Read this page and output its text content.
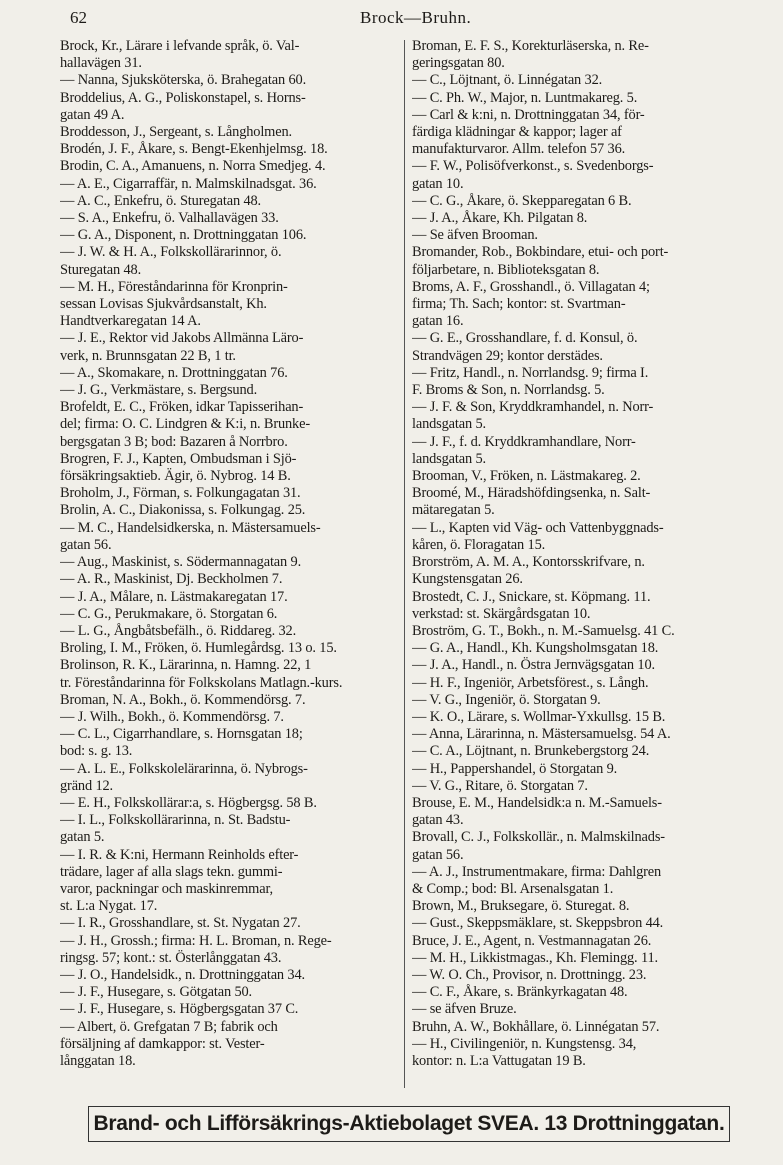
62	Brock—Bruhn.
Brock, Kr., Lärare i lefvande språk, ö. Val-
hallavägen 31.
— Nanna, Sjuksköterska, ö. Brahegatan 60.
Broddelius, A. G., Poliskonstapel, s. Horns-
gatan 49 A.
Broddesson, J., Sergeant, s. Långholmen.
Brodén, J. F., Åkare, s. Bengt-Ekenhjelmsg. 18.
Brodin, C. A., Amanuens, n. Norra Smedjeg. 4.
— A. E., Cigarraffär, n. Malmskilnadsgat. 36.
— A. C., Enkefru, ö. Sturegatan 48.
— S. A., Enkefru, ö. Valhallavägen 33.
— G. A., Disponent, n. Drottninggatan 106.
— J. W. & H. A., Folkskollärarinnor, ö.
Sturegatan 48.
— M. H., Föreståndarinna för Kronprin-
sessan Lovisas Sjukvårdsanstalt, Kh.
Handtverkaregatan 14 A.
— J. E., Rektor vid Jakobs Allmänna Läro-
verk, n. Brunnsgatan 22 B, 1 tr.
— A., Skomakare, n. Drottninggatan 76.
— J. G., Verkmästare, s. Bergsund.
Brofeldt, E. C., Fröken, idkar Tapisserihan-
del; firma: O. C. Lindgren & K:i, n. Brunke-
bergsgatan 3 B; bod: Bazaren å Norrbro.
Brogren, F. J., Kapten, Ombudsman i Sjö-
försäkringsaktieb. Ägir, ö. Nybrog. 14 B.
Broholm, J., Förman, s. Folkungagatan 31.
Brolin, A. C., Diakonissa, s. Folkungag. 25.
— M. C., Handelsidkerska, n. Mästersamuels-
gatan 56.
— Aug., Maskinist, s. Södermannagatan 9.
— A. R., Maskinist, Dj. Beckholmen 7.
— J. A., Målare, n. Lästmakaregatan 17.
— C. G., Perukmakare, ö. Storgatan 6.
— L. G., Ångbåtsbefälh., ö. Riddareg. 32.
Broling, I. M., Fröken, ö. Humlegårdsg. 13 o. 15.
Brolinson, R. K., Lärarinna, n. Hamng. 22, 1
tr. Föreståndarinna för Folkskolans Matlagn.-kurs.
Broman, N. A., Bokh., ö. Kommendörsg. 7.
— J. Wilh., Bokh., ö. Kommendörsg. 7.
— C. L., Cigarrhandlare, s. Hornsgatan 18;
bod: s. g. 13.
— A. L. E., Folkskolelärarinna, ö. Nybrogs-
gränd 12.
— E. H., Folkskollärar:a, s. Högbergsg. 58 B.
— I. L., Folkskollärarinna, n. St. Badstu-
gatan 5.
— I. R. & K:ni, Hermann Reinholds efter-
trädare, lager af alla slags tekn. gummi-
varor, packningar och maskinremmar,
st. L:a Nygat. 17.
— I. R., Grosshandlare, st. St. Nygatan 27.
— J. H., Grossh.; firma: H. L. Broman, n. Rege-
ringsg. 57; kont.: st. Österlånggatan 43.
— J. O., Handelsidk., n. Drottninggatan 34.
— J. F., Husegare, s. Götgatan 50.
— J. F., Husegare, s. Högbergsgatan 37 C.
— Albert, ö. Grefgatan 7 B; fabrik och
försäljning af damkappor: st. Vester-
långgatan 18.
Broman, E. F. S., Korekturläserska, n. Re-
geringsgatan 80.
— C., Löjtnant, ö. Linnégatan 32.
— C. Ph. W., Major, n. Luntmakareg. 5.
— Carl & k:ni, n. Drottninggatan 34, för-
färdiga klädningar & kappor; lager af
manufakturvaror. Allm. telefon 57 36.
— F. W., Polisöfverkonst., s. Svedenborgs-
gatan 10.
— C. G., Åkare, ö. Skepparegatan 6 B.
— J. A., Åkare, Kh. Pilgatan 8.
— Se äfven Brooman.
Bromander, Rob., Bokbindare, etui- och port-
följarbetare, n. Biblioteksgatan 8.
Broms, A. F., Grosshandl., ö. Villagatan 4;
firma; Th. Sach; kontor: st. Svartman-
gatan 16.
— G. E., Grosshandlare, f. d. Konsul, ö.
Strandvägen 29; kontor derstädes.
— Fritz, Handl., n. Norrlandsg. 9; firma I.
F. Broms & Son, n. Norrlandsg. 5.
— J. F. & Son, Kryddkramhandel, n. Norr-
landsgatan 5.
— J. F., f. d. Kryddkramhandlare, Norr-
landsgatan 5.
Brooman, V., Fröken, n. Lästmakareg. 2.
Broomé, M., Häradshöfdingsenka, n. Salt-
mätaregatan 5.
— L., Kapten vid Väg- och Vattenbyggnads-
kåren, ö. Floragatan 15.
Brorström, A. M. A., Kontorsskrifvare, n.
Kungstensgatan 26.
Brostedt, C. J., Snickare, st. Köpmang. 11.
verkstad: st. Skärgårdsgatan 10.
Broström, G. T., Bokh., n. M.-Samuelsg. 41 C.
— G. A., Handl., Kh. Kungsholmsgatan 18.
— J. A., Handl., n. Östra Jernvägsgatan 10.
— H. F., Ingeniör, Arbetsförest., s. Långh.
— V. G., Ingeniör, ö. Storgatan 9.
— K. O., Lärare, s. Wollmar-Yxkullsg. 15 B.
— Anna, Lärarinna, n. Mästersamuelsg. 54 A.
— C. A., Löjtnant, n. Brunkebergstorg 24.
— H., Pappershandel, ö Storgatan 9.
— V. G., Ritare, ö. Storgatan 7.
Brouse, E. M., Handelsidk:a n. M.-Samuels-
gatan 43.
Brovall, C. J., Folkskollär., n. Malmskilnads-
gatan 56.
— A. J., Instrumentmakare, firma: Dahlgren
& Comp.; bod: Bl. Arsenalsgatan 1.
Brown, M., Bruksegare, ö. Sturegat. 8.
— Gust., Skeppsmäklare, st. Skeppsbron 44.
Bruce, J. E., Agent, n. Vestmannagatan 26.
— M. H., Likkistmagas., Kh. Flemingg. 11.
— W. O. Ch., Provisor, n. Drottningg. 23.
— C. F., Åkare, s. Bränkyrkagatan 48.
— se äfven Bruze.
Bruhn, A. W., Bokhållare, ö. Linnégatan 57.
— H., Civilingeniör, n. Kungstensg. 34,
kontor: n. L:a Vattugatan 19 B.
Brand- och Lifförsäkrings-Aktiebolaget SVEA. 13 Drottninggatan.
